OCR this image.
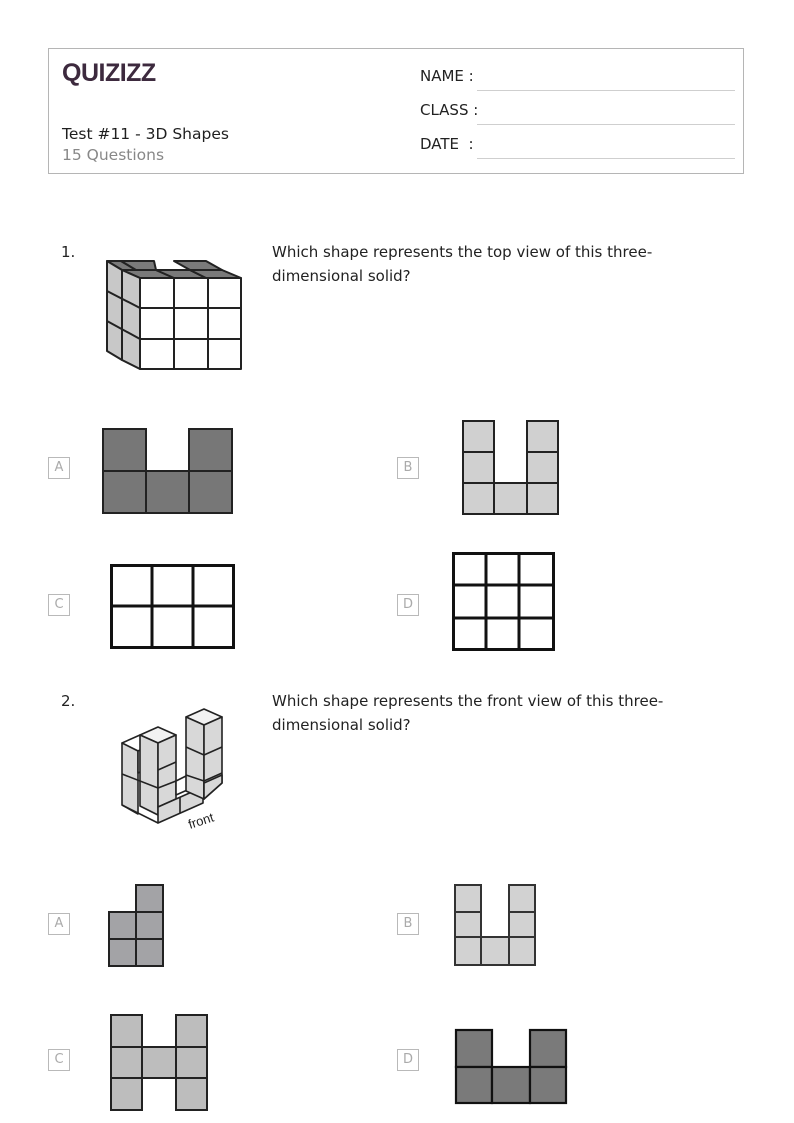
QUIZIZZ
Test #11 - 3D Shapes
15 Questions
NAME :
CLASS :
DATE  :
1.	Which shape represents the top view of this three-dimensional solid?
A	B
C	D
2.	Which shape represents the front view of this three-dimensional solid?
front
A	B
C	D
